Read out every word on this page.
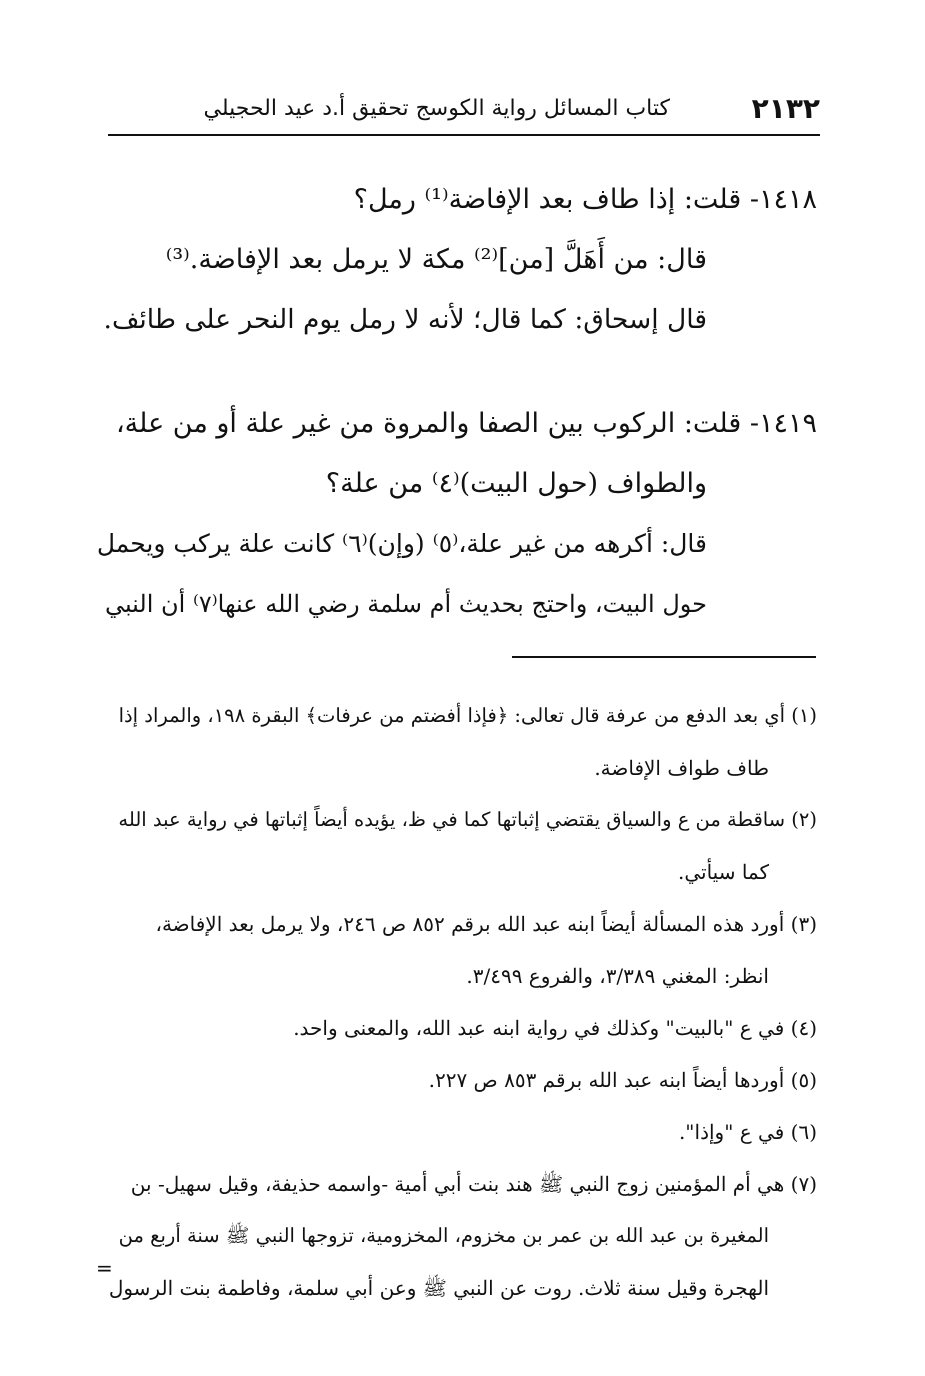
٢١٣٢
كتاب المسائل رواية الكوسج تحقيق أ.د عيد الحجيلي
١٤١٨- قلت: إذا طاف بعد الإفاضة⁽¹⁾ رمل؟
قال: من أَهَلَّ [من]⁽²⁾ مكة لا يرمل بعد الإفاضة.⁽³⁾
قال إسحاق: كما قال؛ لأنه لا رمل يوم النحر على طائف.
١٤١٩- قلت: الركوب بين الصفا والمروة من غير علة أو من علة،
والطواف (حول البيت)⁽٤⁾ من علة؟
قال: أكرهه من غير علة،⁽٥⁾ (وإن)⁽٦⁾ كانت علة يركب ويحمل
حول البيت، واحتج بحديث أم سلمة رضي الله عنها⁽٧⁾ أن النبي
(١) أي بعد الدفع من عرفة قال تعالى: ﴿فإذا أفضتم من عرفات﴾ البقرة ١٩٨، والمراد إذا
طاف طواف الإفاضة.
(٢) ساقطة من ع والسياق يقتضي إثباتها كما في ظ، يؤيده أيضاً إثباتها في رواية عبد الله
كما سيأتي.
(٣) أورد هذه المسألة أيضاً ابنه عبد الله برقم ٨٥٢ ص ٢٤٦، ولا يرمل بعد الإفاضة،
انظر: المغني ٣/٣٨٩، والفروع ٣/٤٩٩.
(٤) في ع "بالبيت" وكذلك في رواية ابنه عبد الله، والمعنى واحد.
(٥) أوردها أيضاً ابنه عبد الله برقم ٨٥٣ ص ٢٢٧.
(٦) في ع "وإذا".
(٧) هي أم المؤمنين زوج النبي ﷺ هند بنت أبي أمية -واسمه حذيفة، وقيل سهيل- بن
المغيرة بن عبد الله بن عمر بن مخزوم، المخزومية، تزوجها النبي ﷺ سنة أربع من
الهجرة وقيل سنة ثلاث. روت عن النبي ﷺ وعن أبي سلمة، وفاطمة بنت الرسول
=
